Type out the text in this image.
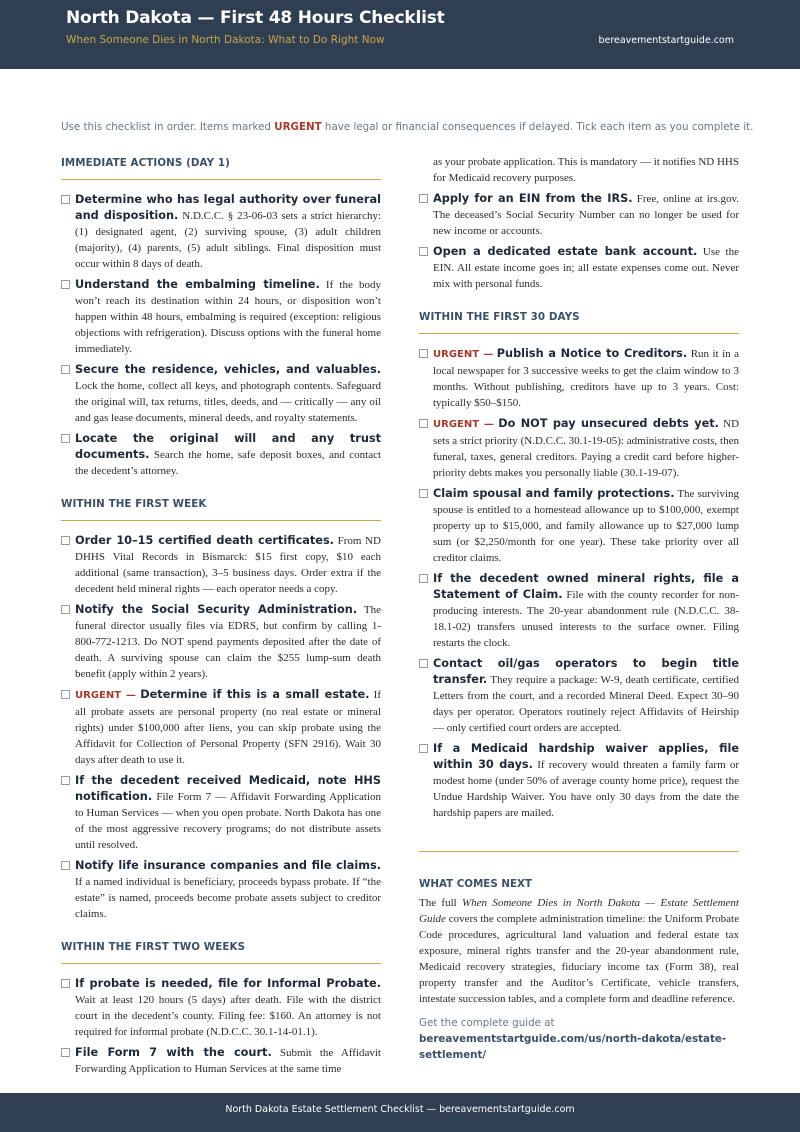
North Dakota — First 48 Hours Checklist
When Someone Dies in North Dakota: What to Do Right Now	bereavementstartguide.com
Use this checklist in order. Items marked URGENT have legal or financial consequences if delayed. Tick each item as you complete it.
IMMEDIATE ACTIONS (DAY 1)
Determine who has legal authority over funeral and disposition. N.D.C.C. § 23-06-03 sets a strict hierarchy: (1) designated agent, (2) surviving spouse, (3) adult children (majority), (4) parents, (5) adult siblings. Final disposition must occur within 8 days of death.
Understand the embalming timeline. If the body won’t reach its destination within 24 hours, or disposition won’t happen within 48 hours, embalming is required (exception: religious objections with refrigeration). Discuss options with the funeral home immediately.
Secure the residence, vehicles, and valuables. Lock the home, collect all keys, and photograph contents. Safeguard the original will, tax returns, titles, deeds, and — critically — any oil and gas lease documents, mineral deeds, and royalty statements.
Locate the original will and any trust documents. Search the home, safe deposit boxes, and contact the decedent’s attorney.
WITHIN THE FIRST WEEK
Order 10–15 certified death certificates. From ND DHHS Vital Records in Bismarck: $15 first copy, $10 each additional (same transaction), 3–5 business days. Order extra if the decedent held mineral rights — each operator needs a copy.
Notify the Social Security Administration. The funeral director usually files via EDRS, but confirm by calling 1-800-772-1213. Do NOT spend payments deposited after the date of death. A surviving spouse can claim the $255 lump-sum death benefit (apply within 2 years).
URGENT — Determine if this is a small estate. If all probate assets are personal property (no real estate or mineral rights) under $100,000 after liens, you can skip probate using the Affidavit for Collection of Personal Property (SFN 2916). Wait 30 days after death to use it.
If the decedent received Medicaid, note HHS notification. File Form 7 — Affidavit Forwarding Application to Human Services — when you open probate. North Dakota has one of the most aggressive recovery programs; do not distribute assets until resolved.
Notify life insurance companies and file claims. If a named individual is beneficiary, proceeds bypass probate. If “the estate” is named, proceeds become probate assets subject to creditor claims.
WITHIN THE FIRST TWO WEEKS
If probate is needed, file for Informal Probate. Wait at least 120 hours (5 days) after death. File with the district court in the decedent’s county. Filing fee: $160. An attorney is not required for informal probate (N.D.C.C. 30.1-14-01.1).
File Form 7 with the court. Submit the Affidavit Forwarding Application to Human Services at the same time
as your probate application. This is mandatory — it notifies ND HHS for Medicaid recovery purposes.
Apply for an EIN from the IRS. Free, online at irs.gov. The deceased’s Social Security Number can no longer be used for new income or accounts.
Open a dedicated estate bank account. Use the EIN. All estate income goes in; all estate expenses come out. Never mix with personal funds.
WITHIN THE FIRST 30 DAYS
URGENT — Publish a Notice to Creditors. Run it in a local newspaper for 3 successive weeks to get the claim window to 3 months. Without publishing, creditors have up to 3 years. Cost: typically $50–$150.
URGENT — Do NOT pay unsecured debts yet. ND sets a strict priority (N.D.C.C. 30.1-19-05): administrative costs, then funeral, taxes, general creditors. Paying a credit card before higher-priority debts makes you personally liable (30.1-19-07).
Claim spousal and family protections. The surviving spouse is entitled to a homestead allowance up to $100,000, exempt property up to $15,000, and family allowance up to $27,000 lump sum (or $2,250/month for one year). These take priority over all creditor claims.
If the decedent owned mineral rights, file a Statement of Claim. File with the county recorder for non-producing interests. The 20-year abandonment rule (N.D.C.C. 38-18.1-02) transfers unused interests to the surface owner. Filing restarts the clock.
Contact oil/gas operators to begin title transfer. They require a package: W-9, death certificate, certified Letters from the court, and a recorded Mineral Deed. Expect 30–90 days per operator. Operators routinely reject Affidavits of Heirship — only certified court orders are accepted.
If a Medicaid hardship waiver applies, file within 30 days. If recovery would threaten a family farm or modest home (under 50% of average county home price), request the Undue Hardship Waiver. You have only 30 days from the date the hardship papers are mailed.
WHAT COMES NEXT
The full When Someone Dies in North Dakota — Estate Settlement Guide covers the complete administration timeline: the Uniform Probate Code procedures, agricultural land valuation and federal estate tax exposure, mineral rights transfer and the 20-year abandonment rule, Medicaid recovery strategies, fiduciary income tax (Form 38), real property transfer and the Auditor’s Certificate, vehicle transfers, intestate succession tables, and a complete form and deadline reference.
Get the complete guide at
bereavementstartguide.com/us/north-dakota/estate-settlement/
North Dakota Estate Settlement Checklist — bereavementstartguide.com
